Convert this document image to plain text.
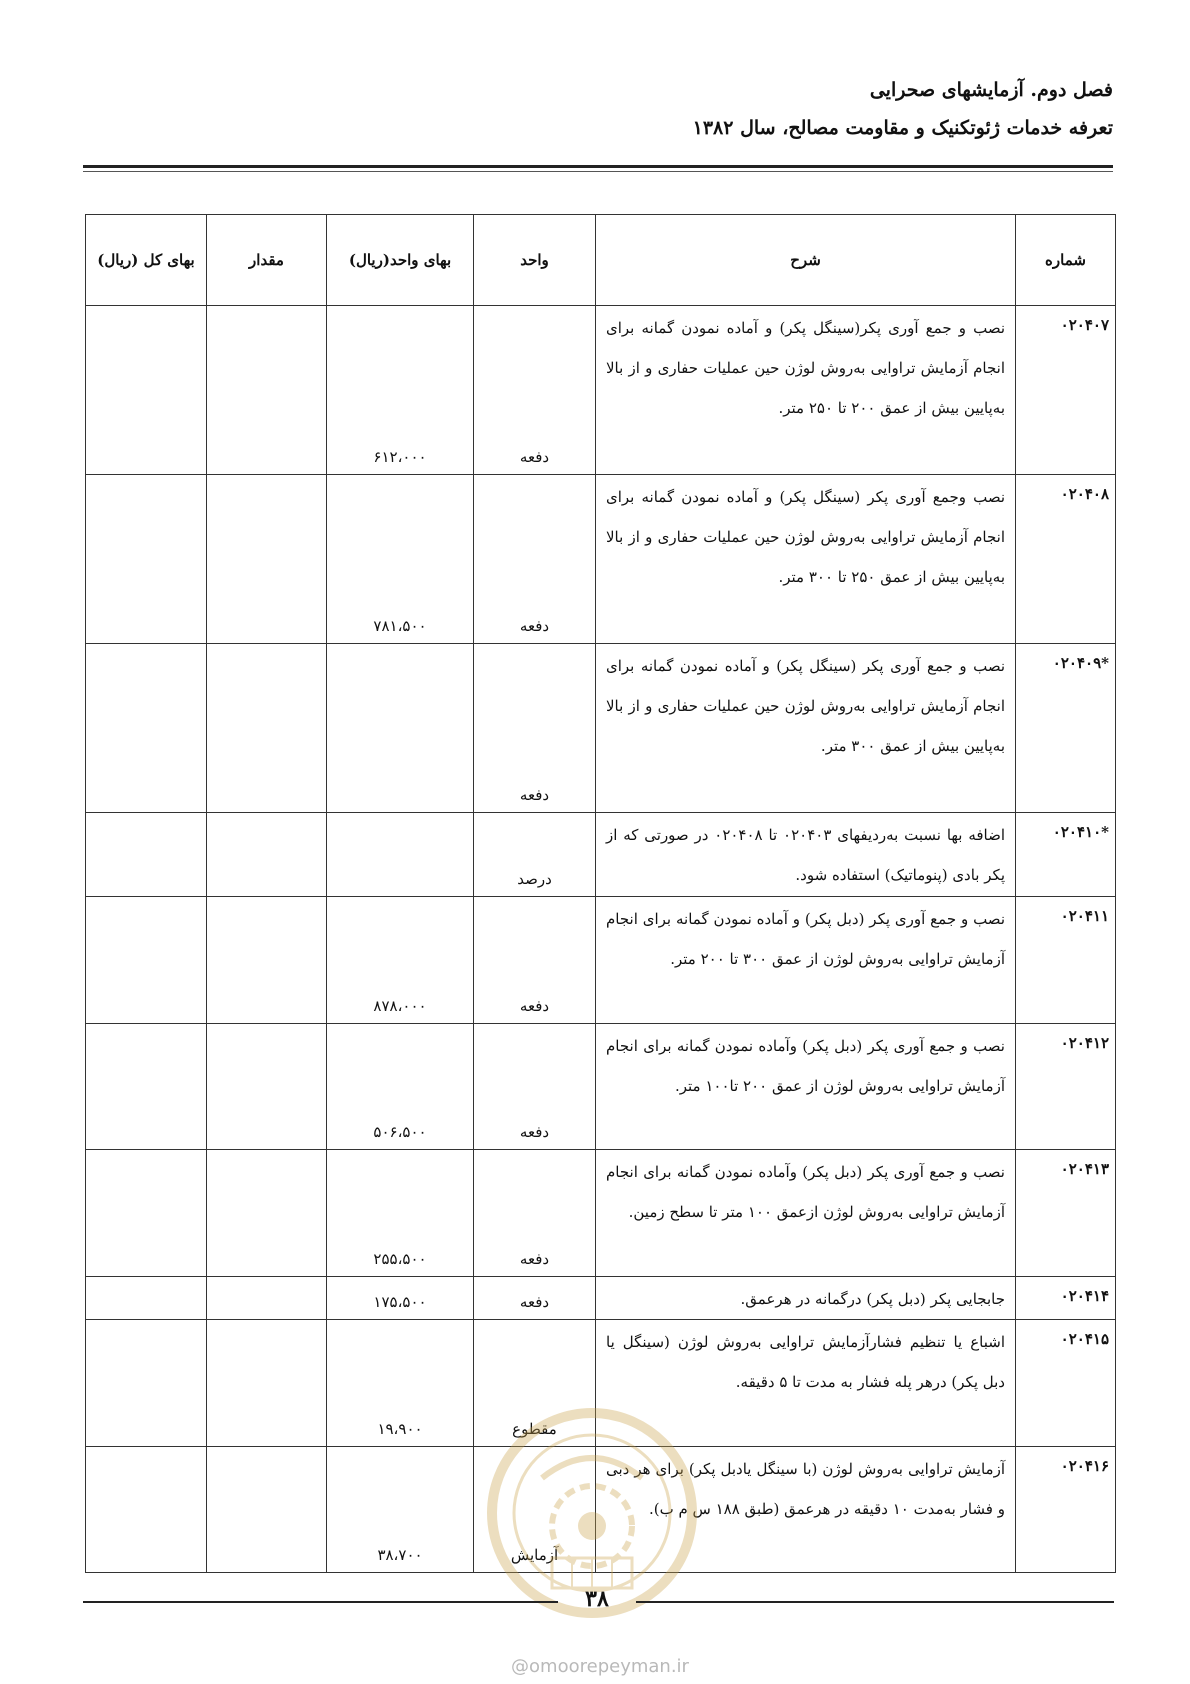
فصل دوم. آزمایشهای صحرایی
تعرفه خدمات ژئوتکنیک و مقاومت مصالح، سال ۱۳۸۲
شماره	شرح	واحد	بهای واحد(ریال)	مقدار	بهای کل (ریال)
۰۲۰۴۰۷	نصب و جمع آوری پکر(سینگل پکر) و آماده نمودن گمانه برای انجام آزمایش تراوایی به‌روش لوژن حین عملیات حفاری و از بالا به‌پایین بیش از عمق ۲۰۰ تا ۲۵۰ متر.	دفعه	۶۱۲،۰۰۰		
۰۲۰۴۰۸	نصب وجمع آوری پکر (سینگل پکر) و آماده نمودن گمانه برای انجام آزمایش تراوایی به‌روش لوژن حین عملیات حفاری و از بالا به‌پایین بیش از عمق ۲۵۰ تا ۳۰۰ متر.	دفعه	۷۸۱،۵۰۰		
*۰۲۰۴۰۹	نصب و جمع آوری پکر (سینگل پکر) و آماده نمودن گمانه برای انجام آزمایش تراوایی به‌روش لوژن حین عملیات حفاری و از بالا به‌پایین بیش از عمق ۳۰۰ متر.	دفعه			
*۰۲۰۴۱۰	اضافه بها نسبت به‌ردیفهای ۰۲۰۴۰۳ تا ۰۲۰۴۰۸ در صورتی که از پکر بادی (پنوماتیک) استفاده شود.	درصد			
۰۲۰۴۱۱	نصب و جمع آوری پکر (دبل پکر) و آماده نمودن گمانه برای انجام آزمایش تراوایی به‌روش لوژن از عمق ۳۰۰ تا ۲۰۰ متر.	دفعه	۸۷۸،۰۰۰		
۰۲۰۴۱۲	نصب و جمع آوری پکر (دبل پکر) وآماده نمودن گمانه برای انجام آزمایش تراوایی به‌روش لوژن از عمق ۲۰۰ تا۱۰۰ متر.	دفعه	۵۰۶،۵۰۰		
۰۲۰۴۱۳	نصب و جمع آوری پکر (دبل پکر) وآماده نمودن گمانه برای انجام آزمایش تراوایی به‌روش لوژن ازعمق ۱۰۰ متر تا سطح زمین.	دفعه	۲۵۵،۵۰۰		
۰۲۰۴۱۴	جابجایی پکر (دبل پکر) درگمانه در هرعمق.	دفعه	۱۷۵،۵۰۰		
۰۲۰۴۱۵	اشباع یا تنظیم فشارآزمایش تراوایی به‌روش لوژن (سینگل یا دبل پکر) درهر پله فشار به مدت تا ۵ دقیقه.	مقطوع	۱۹،۹۰۰		
۰۲۰۴۱۶	آزمایش تراوایی به‌روش لوژن (با سینگل یادبل پکر) برای هر دبی و فشار به‌مدت ۱۰ دقیقه در هرعمق (طبق ۱۸۸ س م ب).	آزمایش	۳۸،۷۰۰		
۳۸
@omoorepeyman.ir
